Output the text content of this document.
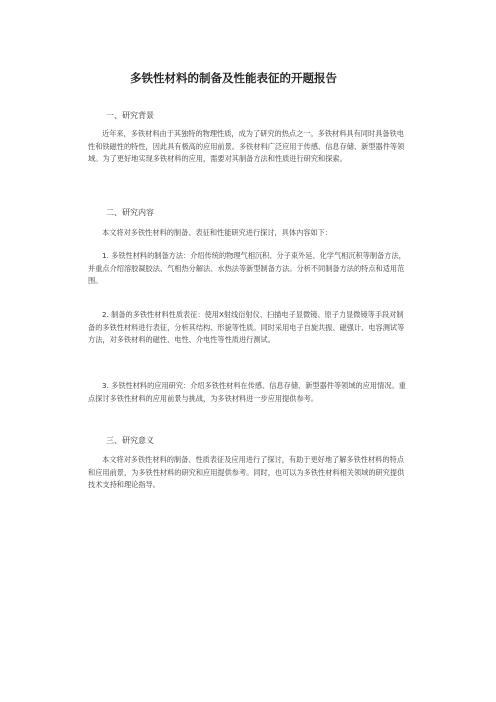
多铁性材料的制备及性能表征的开题报告
一、研究背景
近年来，多铁材料由于其独特的物理性质，成为了研究的热点之一。多铁材料具有同时具备铁电性和铁磁性的特性，因此具有极高的应用前景。多铁材料广泛应用于传感、信息存储、新型器件等领域。为了更好地实现多铁材料的应用，需要对其制备方法和性质进行研究和探索。
二、研究内容
本文将对多铁性材料的制备、表征和性能研究进行探讨，具体内容如下：
1. 多铁性材料的制备方法：介绍传统的物理气相沉积、分子束外延、化学气相沉积等制备方法，并重点介绍溶胶凝胶法、气相热分解法、水热法等新型制备方法。分析不同制备方法的特点和适用范围。
2. 制备的多铁性材料性质表征：使用X射线衍射仪、扫描电子显微镜、原子力显微镜等手段对制备的多铁性材料进行表征，分析其结构、形貌等性质。同时采用电子自旋共振、磁强计、电容测试等方法，对多铁材料的磁性、电性、介电性等性质进行测试。
3. 多铁性材料的应用研究：介绍多铁性材料在传感、信息存储、新型器件等领域的应用情况。重点探讨多铁性材料的应用前景与挑战，为多铁材料进一步应用提供参考。
三、研究意义
本文将对多铁性材料的制备、性质表征及应用进行了探讨，有助于更好地了解多铁性材料的特点和应用前景，为多铁性材料的研究和应用提供参考。同时，也可以为多铁性材料相关领域的研究提供技术支持和理论指导。
